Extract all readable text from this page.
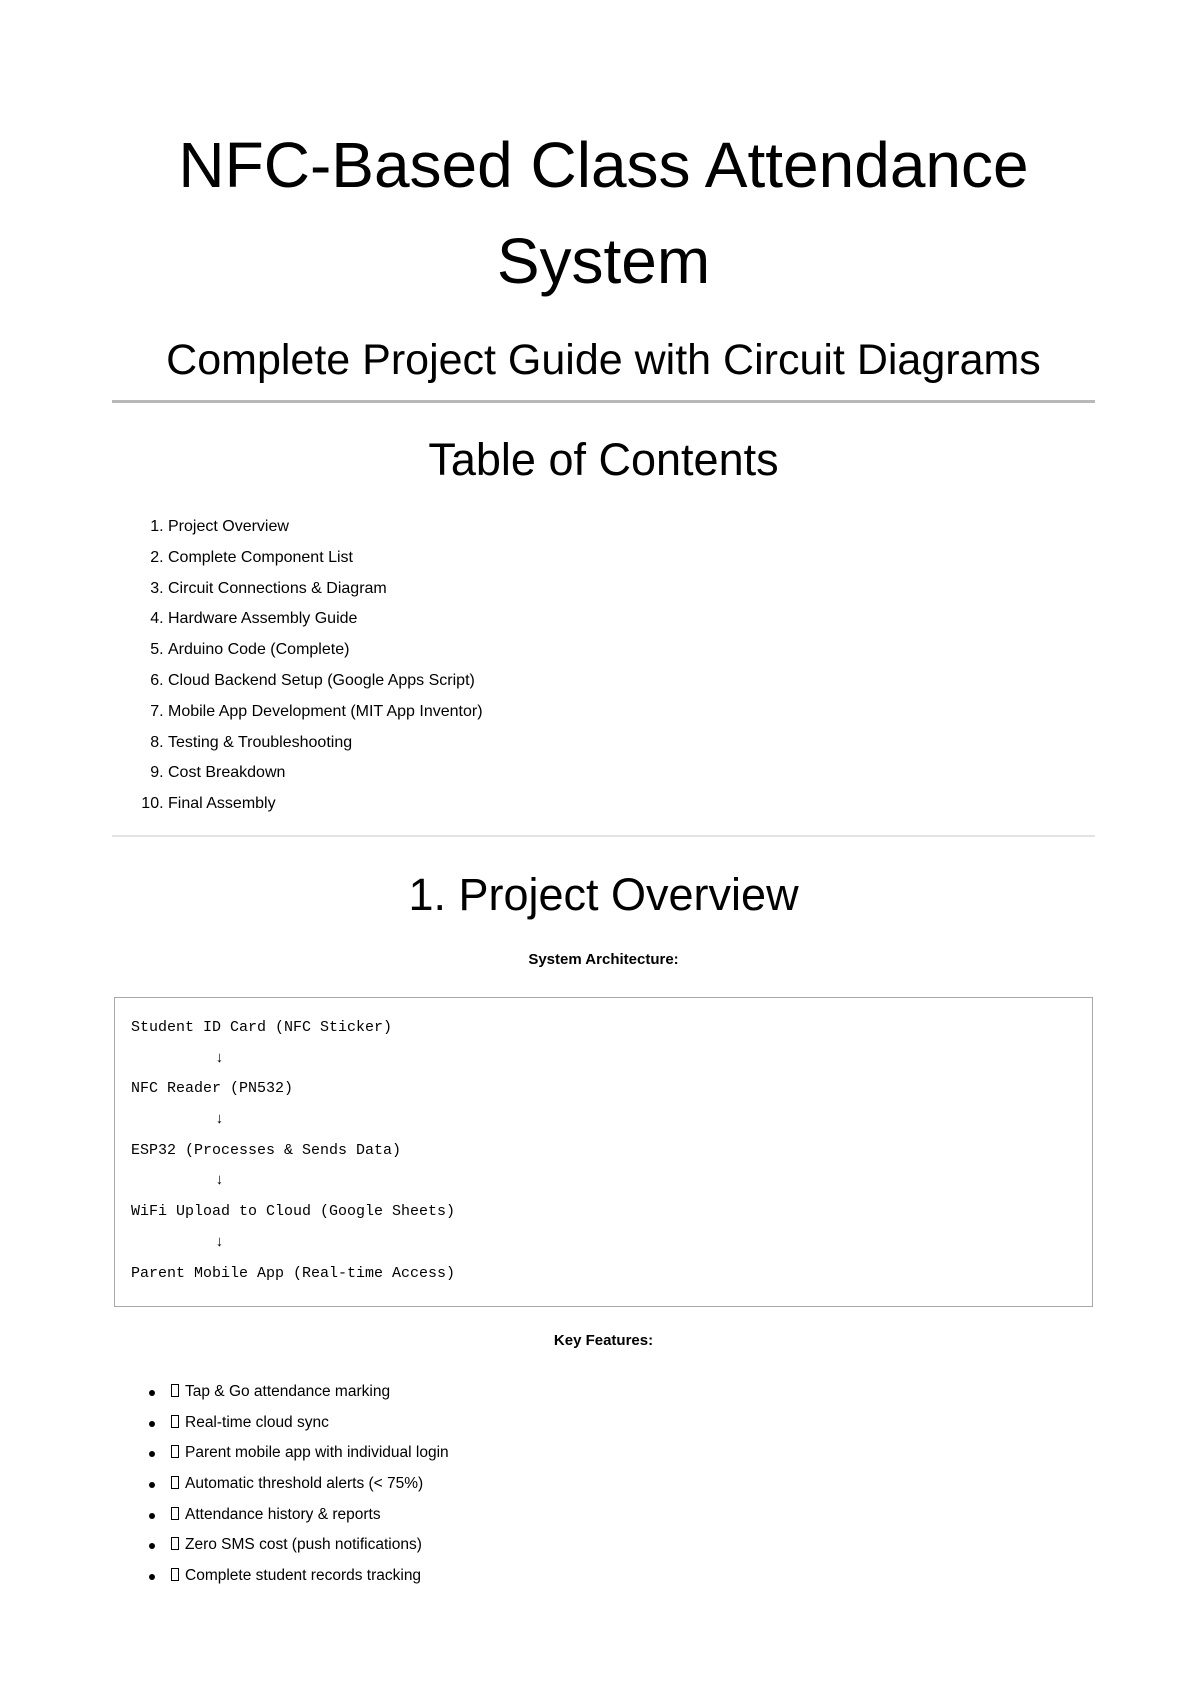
NFC-Based Class Attendance
System
Complete Project Guide with Circuit Diagrams
Table of Contents
1. Project Overview
2. Complete Component List
3. Circuit Connections & Diagram
4. Hardware Assembly Guide
5. Arduino Code (Complete)
6. Cloud Backend Setup (Google Apps Script)
7. Mobile App Development (MIT App Inventor)
8. Testing & Troubleshooting
9. Cost Breakdown
10. Final Assembly
1. Project Overview

System Architecture:

Student ID Card (NFC Sticker)
↓
NFC Reader (PN532)
↓
ESP32 (Processes & Sends Data)
↓
WiFi Upload to Cloud (Google Sheets)
↓
Parent Mobile App (Real-time Access)

Key Features:

Tap & Go attendance marking
Real-time cloud sync
Parent mobile app with individual login
Automatic threshold alerts (< 75%)
Attendance history & reports
Zero SMS cost (push notifications)
Complete student records tracking
